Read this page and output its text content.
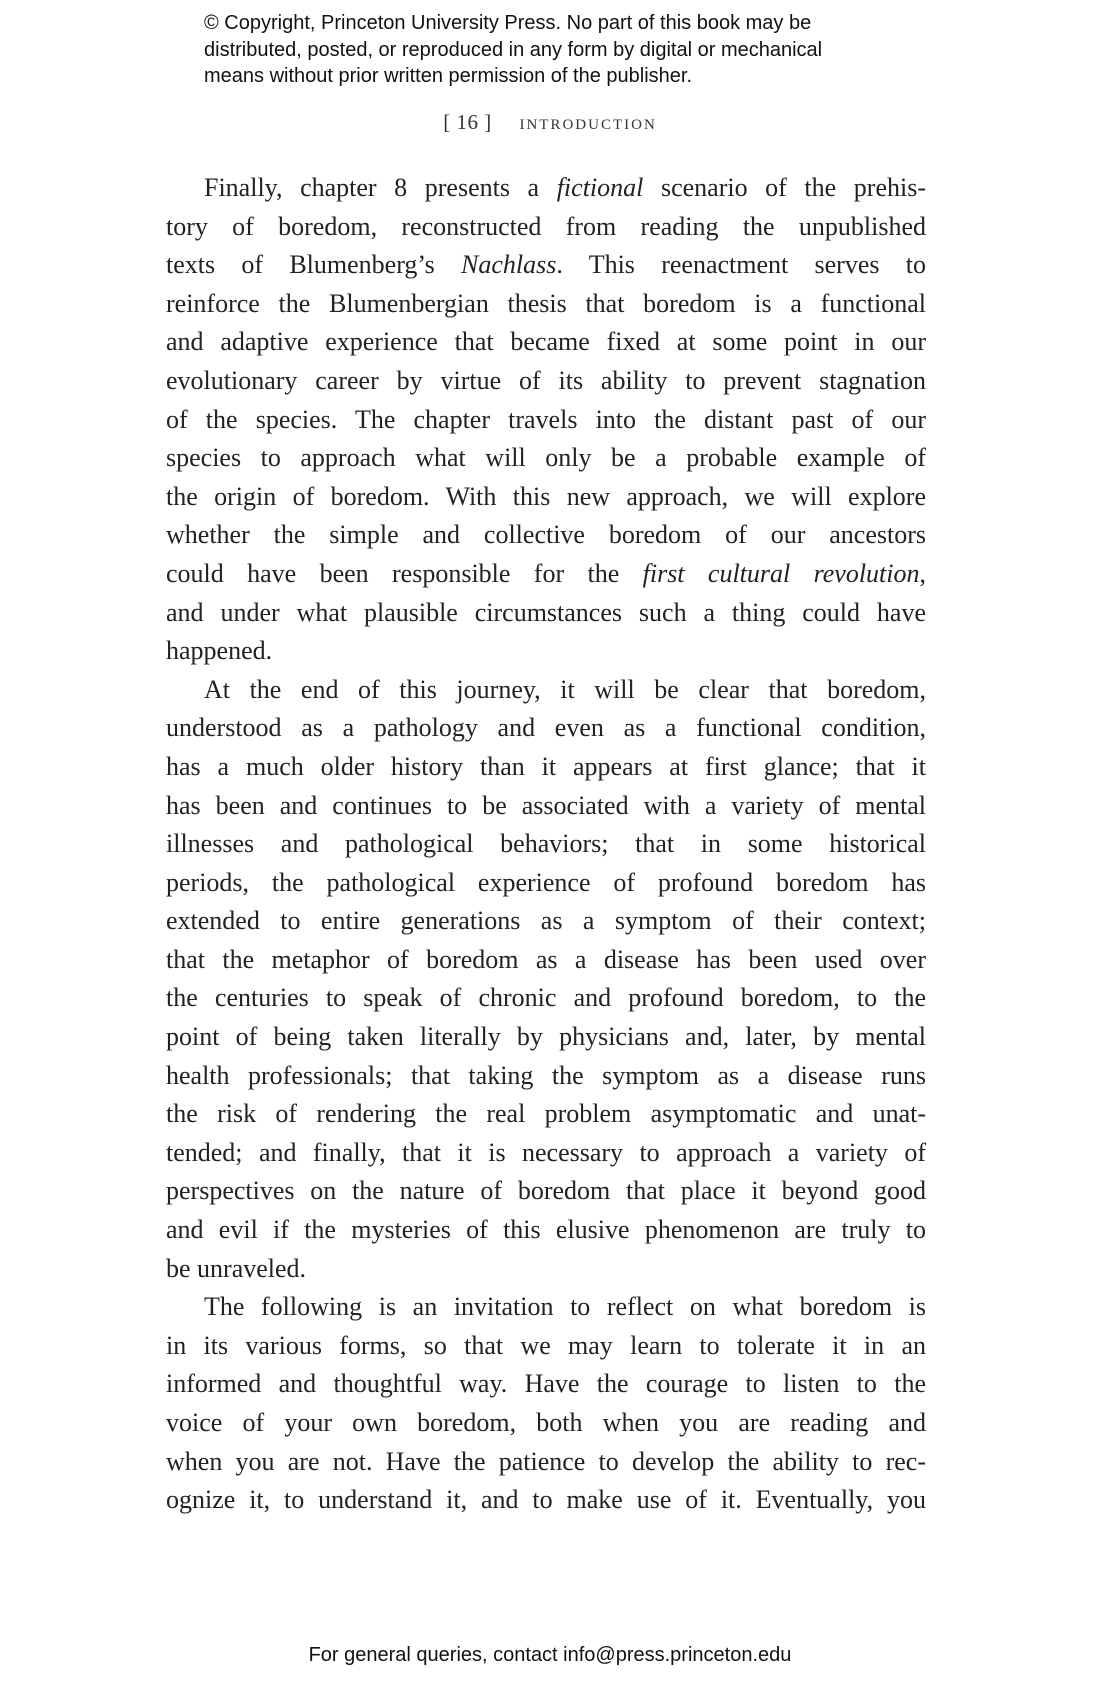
© Copyright, Princeton University Press. No part of this book may be
distributed, posted, or reproduced in any form by digital or mechanical
means without prior written permission of the publisher.
[ 16 ] introduction
Finally, chapter 8 presents a fictional scenario of the prehis-
tory of boredom, reconstructed from reading the unpublished
texts of Blumenberg’s Nachlass. This reenactment serves to
reinforce the Blumenbergian thesis that boredom is a functional
and adaptive experience that became fixed at some point in our
evolutionary career by virtue of its ability to prevent stagnation
of the species. The chapter travels into the distant past of our
species to approach what will only be a probable example of
the origin of boredom. With this new approach, we will explore
whether the simple and collective boredom of our ancestors
could have been responsible for the first cultural revolution,
and under what plausible circumstances such a thing could have
happened.
At the end of this journey, it will be clear that boredom,
understood as a pathology and even as a functional condition,
has a much older history than it appears at first glance; that it
has been and continues to be associated with a variety of mental
illnesses and pathological behaviors; that in some historical
periods, the pathological experience of profound boredom has
extended to entire generations as a symptom of their context;
that the metaphor of boredom as a disease has been used over
the centuries to speak of chronic and profound boredom, to the
point of being taken literally by physicians and, later, by mental
health professionals; that taking the symptom as a disease runs
the risk of rendering the real problem asymptomatic and unat-
tended; and finally, that it is necessary to approach a variety of
perspectives on the nature of boredom that place it beyond good
and evil if the mysteries of this elusive phenomenon are truly to
be unraveled.
The following is an invitation to reflect on what boredom is
in its various forms, so that we may learn to tolerate it in an
informed and thoughtful way. Have the courage to listen to the
voice of your own boredom, both when you are reading and
when you are not. Have the patience to develop the ability to rec-
ognize it, to understand it, and to make use of it. Eventually, you
For general queries, contact info@press.princeton.edu
